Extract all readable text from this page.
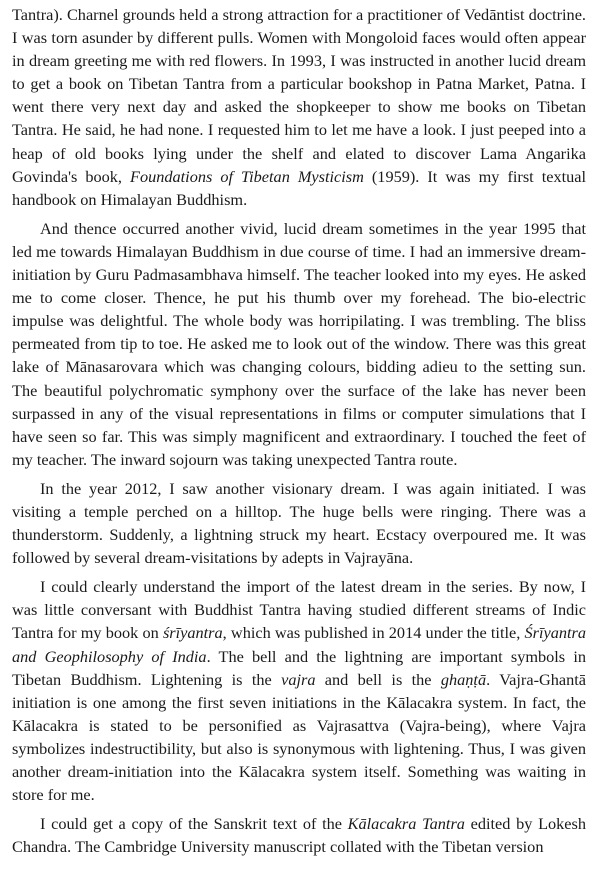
Tantra). Charnel grounds held a strong attraction for a practitioner of Vedāntist doctrine. I was torn asunder by different pulls. Women with Mongoloid faces would often appear in dream greeting me with red flowers. In 1993, I was instructed in another lucid dream to get a book on Tibetan Tantra from a particular bookshop in Patna Market, Patna. I went there very next day and asked the shopkeeper to show me books on Tibetan Tantra. He said, he had none. I requested him to let me have a look. I just peeped into a heap of old books lying under the shelf and elated to discover Lama Angarika Govinda's book, Foundations of Tibetan Mysticism (1959). It was my first textual handbook on Himalayan Buddhism.

And thence occurred another vivid, lucid dream sometimes in the year 1995 that led me towards Himalayan Buddhism in due course of time. I had an immersive dream-initiation by Guru Padmasambhava himself. The teacher looked into my eyes. He asked me to come closer. Thence, he put his thumb over my forehead. The bio-electric impulse was delightful. The whole body was horripilating. I was trembling. The bliss permeated from tip to toe. He asked me to look out of the window. There was this great lake of Mānasarovara which was changing colours, bidding adieu to the setting sun. The beautiful polychromatic symphony over the surface of the lake has never been surpassed in any of the visual representations in films or computer simulations that I have seen so far. This was simply magnificent and extraordinary. I touched the feet of my teacher. The inward sojourn was taking unexpected Tantra route.

In the year 2012, I saw another visionary dream. I was again initiated. I was visiting a temple perched on a hilltop. The huge bells were ringing. There was a thunderstorm. Suddenly, a lightning struck my heart. Ecstacy overpoured me. It was followed by several dream-visitations by adepts in Vajrayāna.

I could clearly understand the import of the latest dream in the series. By now, I was little conversant with Buddhist Tantra having studied different streams of Indic Tantra for my book on śrīyantra, which was published in 2014 under the title, Śrīyantra and Geophilosophy of India. The bell and the lightning are important symbols in Tibetan Buddhism. Lightening is the vajra and bell is the ghaṇṭā. Vajra-Ghantā initiation is one among the first seven initiations in the Kālacakra system. In fact, the Kālacakra is stated to be personified as Vajrasattva (Vajra-being), where Vajra symbolizes indestructibility, but also is synonymous with lightening. Thus, I was given another dream-initiation into the Kālacakra system itself. Something was waiting in store for me.

I could get a copy of the Sanskrit text of the Kālacakra Tantra edited by Lokesh Chandra. The Cambridge University manuscript collated with the Tibetan version
